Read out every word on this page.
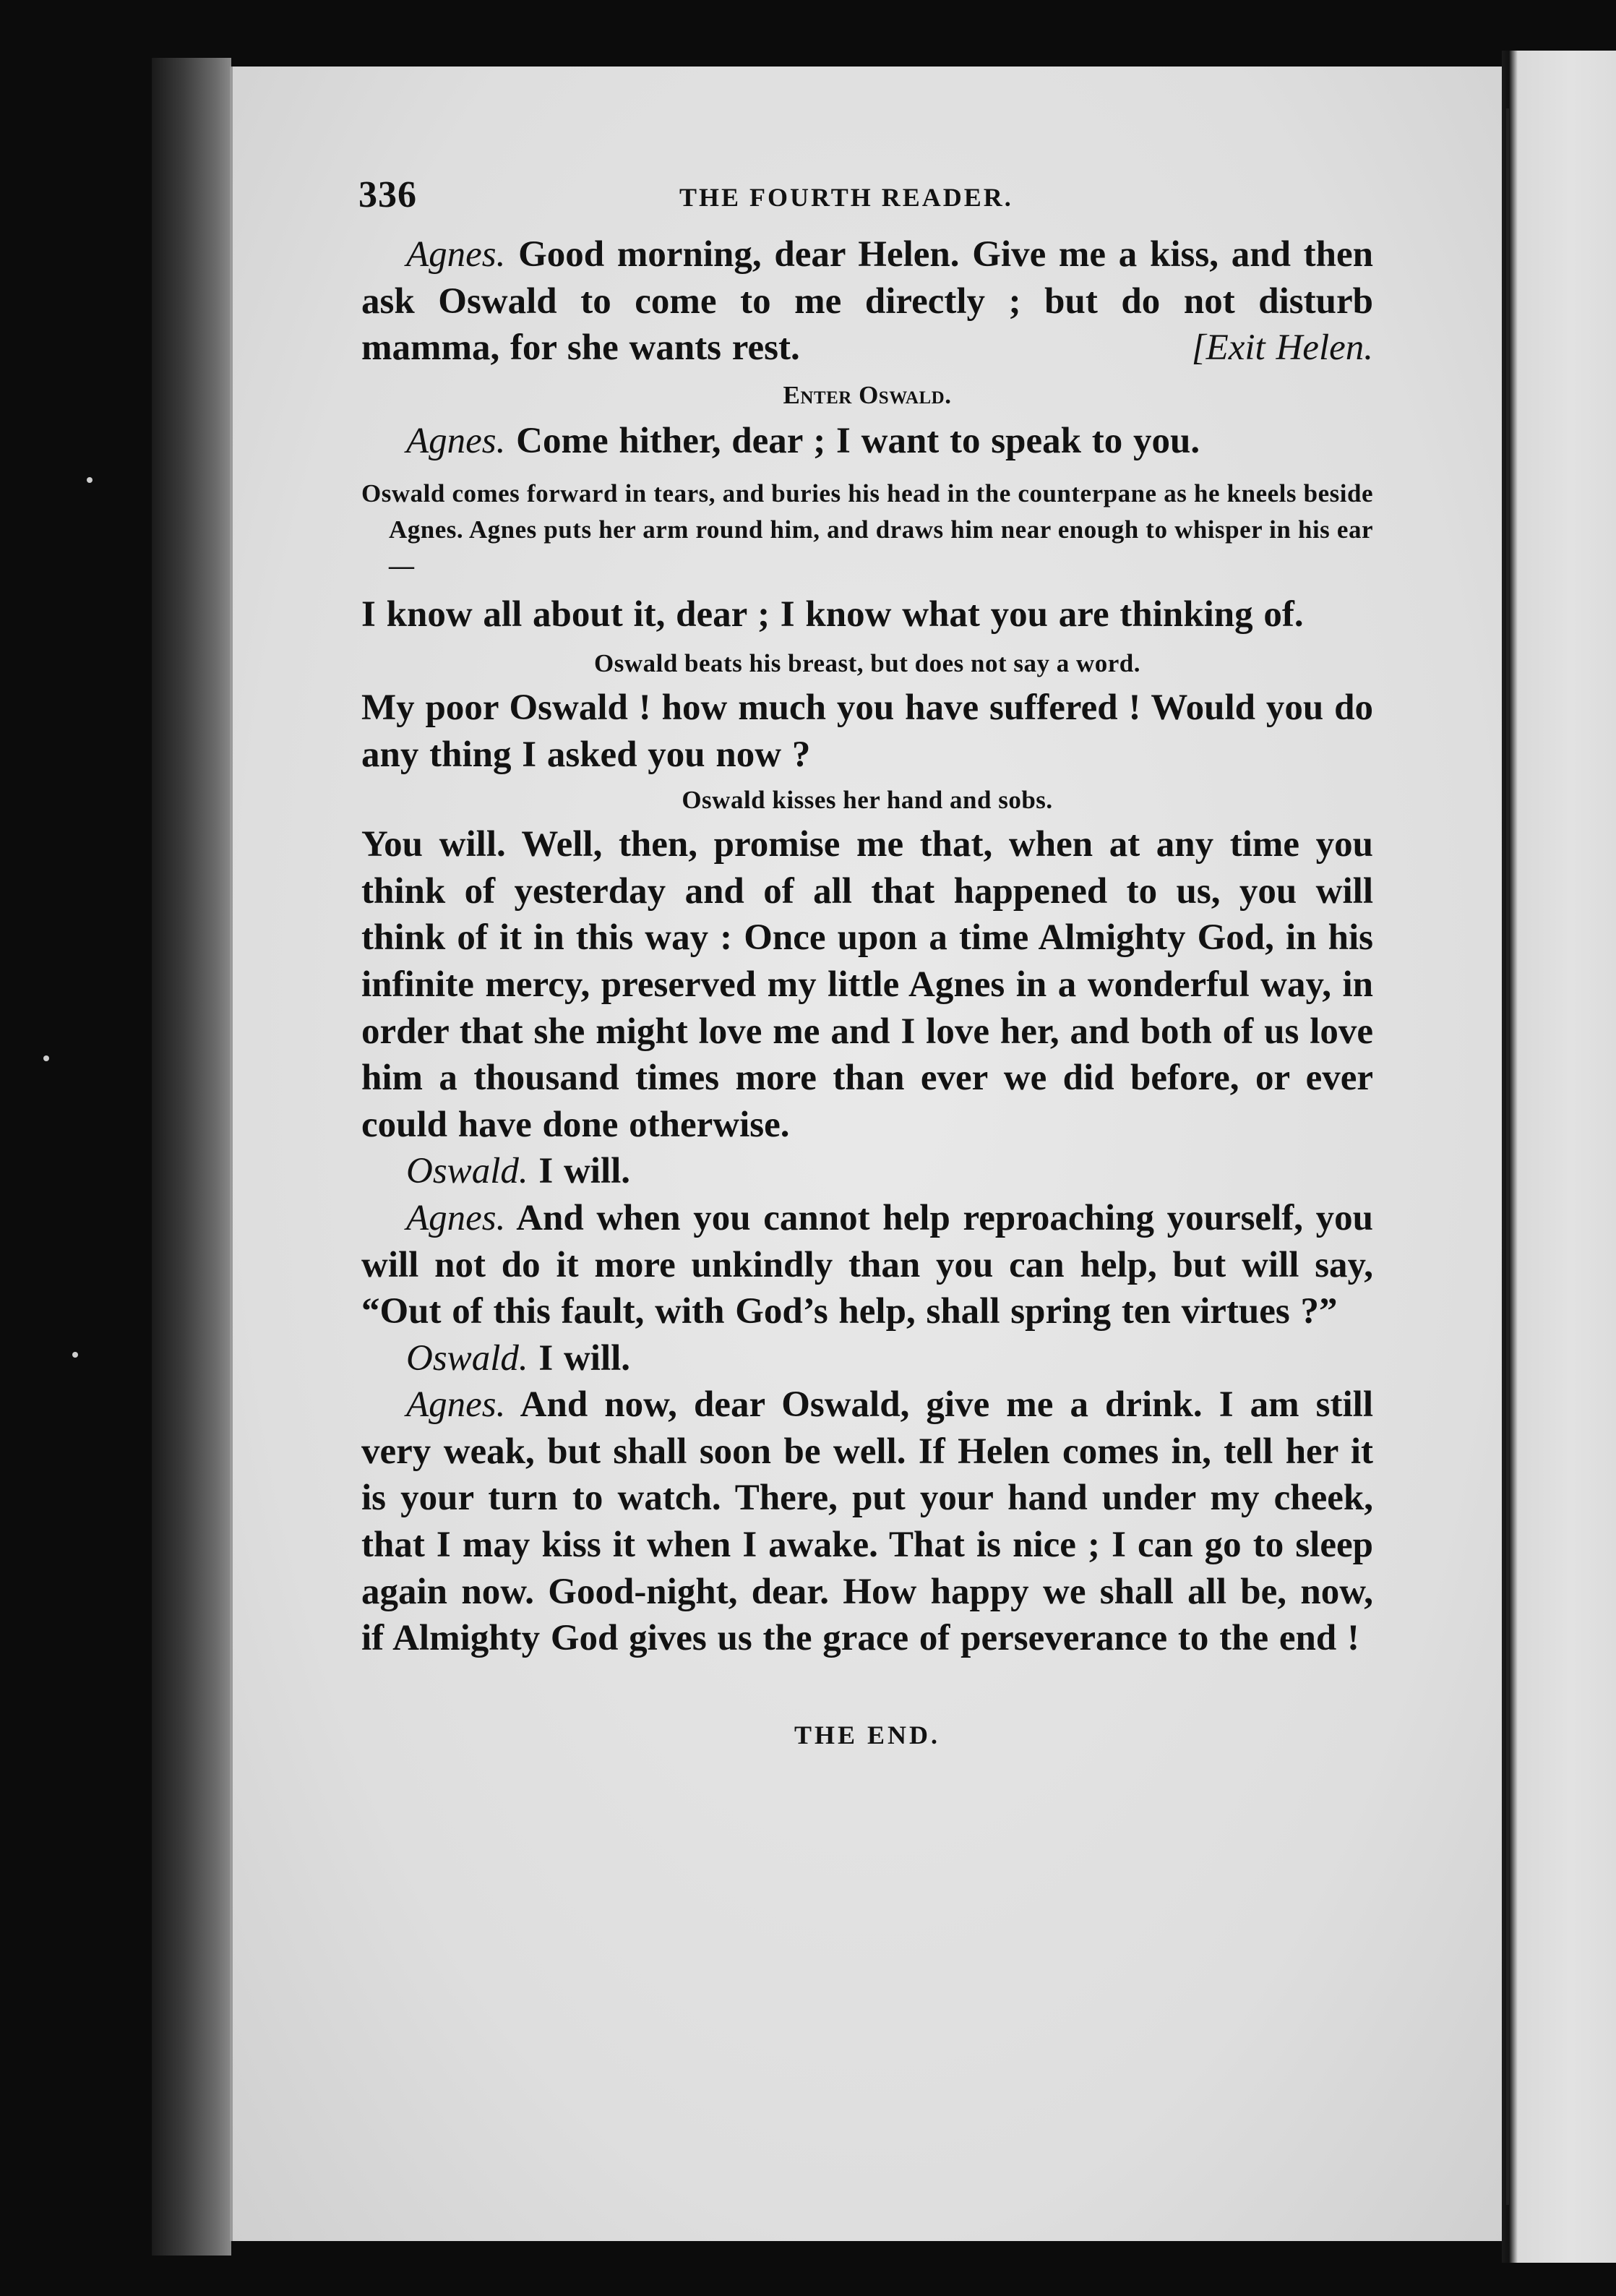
336	THE FOURTH READER.

Agnes. Good morning, dear Helen. Give me a kiss, and then ask Oswald to come to me directly ; but do not disturb mamma, for she wants rest.	[Exit Helen.

Enter Oswald.

Agnes. Come hither, dear ; I want to speak to you.

Oswald comes forward in tears, and buries his head in the counterpane as he kneels beside Agnes. Agnes puts her arm round him, and draws him near enough to whisper in his ear—

I know all about it, dear ; I know what you are thinking of.

Oswald beats his breast, but does not say a word.

My poor Oswald ! how much you have suffered ! Would you do any thing I asked you now ?

Oswald kisses her hand and sobs.

You will. Well, then, promise me that, when at any time you think of yesterday and of all that happened to us, you will think of it in this way : Once upon a time Almighty God, in his infinite mercy, preserved my little Agnes in a wonderful way, in order that she might love me and I love her, and both of us love him a thousand times more than ever we did before, or ever could have done otherwise.

Oswald. I will.

Agnes. And when you cannot help reproaching yourself, you will not do it more unkindly than you can help, but will say, “Out of this fault, with God’s help, shall spring ten virtues ?”

Oswald. I will.

Agnes. And now, dear Oswald, give me a drink. I am still very weak, but shall soon be well. If Helen comes in, tell her it is your turn to watch. There, put your hand under my cheek, that I may kiss it when I awake. That is nice ; I can go to sleep again now. Good-night, dear. How happy we shall all be, now, if Almighty God gives us the grace of perseverance to the end !

THE END.
